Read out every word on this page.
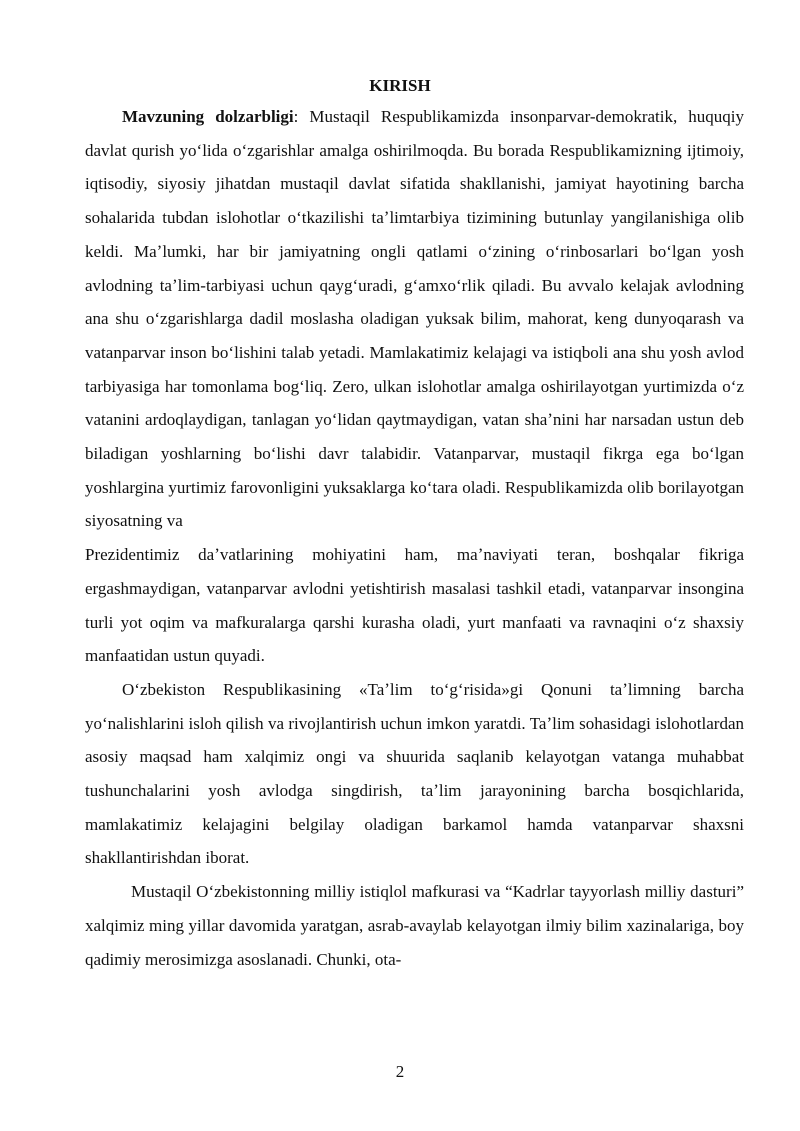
KIRISH

Mavzuning dolzarbligi: Mustaqil Respublikamizda insonparvar-demokratik, huquqiy davlat qurish yoʻlida oʻzgarishlar amalga oshirilmoqda. Bu borada Respublikamizning ijtimoiy, iqtisodiy, siyosiy jihatdan mustaqil davlat sifatida shakllanishi, jamiyat hayotining barcha sohalarida tubdan islohotlar oʻtkazilishi taʼlimtarbiya tizimining butunlay yangilanishiga olib keldi. Maʼlumki, har bir jamiyatning ongli qatlami oʻzining oʻrinbosarlari boʻlgan yosh avlodning taʼlim-tarbiyasi uchun qaygʻuradi, gʻamxoʻrlik qiladi. Bu avvalo kelajak avlodning ana shu oʻzgarishlarga dadil moslasha oladigan yuksak bilim, mahorat, keng dunyoqarash va vatanparvar inson boʻlishini talab yetadi. Mamlakatimiz kelajagi va istiqboli ana shu yosh avlod tarbiyasiga har tomonlama bogʻliq. Zero, ulkan islohotlar amalga oshirilayotgan yurtimizda oʻz vatanini ardoqlaydigan, tanlagan yoʻlidan qaytmaydigan, vatan shaʼnini har narsadan ustun deb biladigan yoshlarning boʻlishi davr talabidir. Vatanparvar, mustaqil fikrga ega boʻlgan yoshlargina yurtimiz farovonligini yuksaklarga koʻtara oladi. Respublikamizda olib borilayotgan siyosatning va

Prezidentimiz daʼvatlarining mohiyatini ham, maʼnaviyati teran, boshqalar fikriga ergashmaydigan, vatanparvar avlodni yetishtirish masalasi tashkil etadi, vatanparvar insongina turli yot oqim va mafkuralarga qarshi kurasha oladi, yurt manfaati va ravnaqini oʻz shaxsiy manfaatidan ustun quyadi.

Oʻzbekiston Respublikasining «Taʼlim toʻgʻrisida»gi Qonuni taʼlimning barcha yoʻnalishlarini isloh qilish va rivojlantirish uchun imkon yaratdi. Taʼlim sohasidagi islohotlardan asosiy maqsad ham xalqimiz ongi va shuurida saqlanib kelayotgan vatanga muhabbat tushunchalarini yosh avlodga singdirish, taʼlim jarayonining barcha bosqichlarida, mamlakatimiz kelajagini belgilay oladigan barkamol hamda vatanparvar shaxsni shakllantirishdan iborat.

Mustaqil Oʻzbekistonning milliy istiqlol mafkurasi va “Kadrlar tayyorlash milliy dasturi” xalqimiz ming yillar davomida yaratgan, asrab-avaylab kelayotgan ilmiy bilim xazinalariga, boy qadimiy merosimizga asoslanadi. Chunki, ota-

2
